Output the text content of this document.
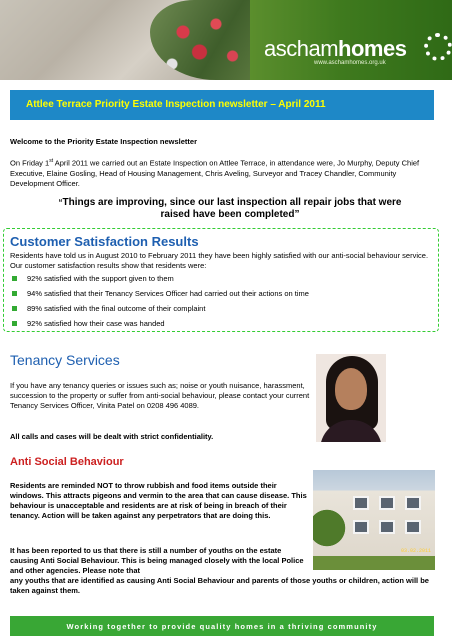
aschamhomes
www.aschamhomes.org.uk
Attlee Terrace Priority Estate Inspection newsletter – April 2011
Welcome to the Priority Estate Inspection newsletter
On Friday 1st April 2011 we carried out an Estate Inspection on Attlee Terrace, in attendance were, Jo Murphy, Deputy Chief Executive, Elaine Gosling, Head of Housing Management, Chris Aveling, Surveyor and Tracey Chandler, Community Development Officer.
“Things are improving, since our last inspection all repair jobs that were raised have been completed”
Customer Satisfaction Results
Residents have told us in August 2010 to February 2011 they have been highly satisfied with our anti-social behaviour service. Our customer satisfaction results show that residents were:
92% satisfied with the support given to them
94% satisfied that their Tenancy Services Officer had carried out their actions on time
89% satisfied with the final outcome of their complaint
92% satisfied how their case was handed
Tenancy Services
If you have any tenancy queries or issues such as; noise or youth nuisance, harassment, succession to the property or suffer from anti-social behaviour, please contact your current Tenancy Services Officer, Vinita Patel on 0208 496 4089.
All calls and cases will be dealt with strict confidentiality.
Anti Social Behaviour
Residents are reminded NOT to throw rubbish and food items outside their windows. This attracts pigeons and vermin to the area that can cause disease. This behaviour is unacceptable and residents are at risk of being in breach of their tenancy. Action will be taken against any perpetrators that are doing this.
It has been reported to us that there is still a number of youths on the estate causing Anti Social Behaviour. This is being managed closely with the local Police and other agencies. Please note that
any youths that are identified as causing Anti Social Behaviour and parents of those youths or children, action will be taken against them.
03.02.2011
Working together to provide quality homes in a thriving community
